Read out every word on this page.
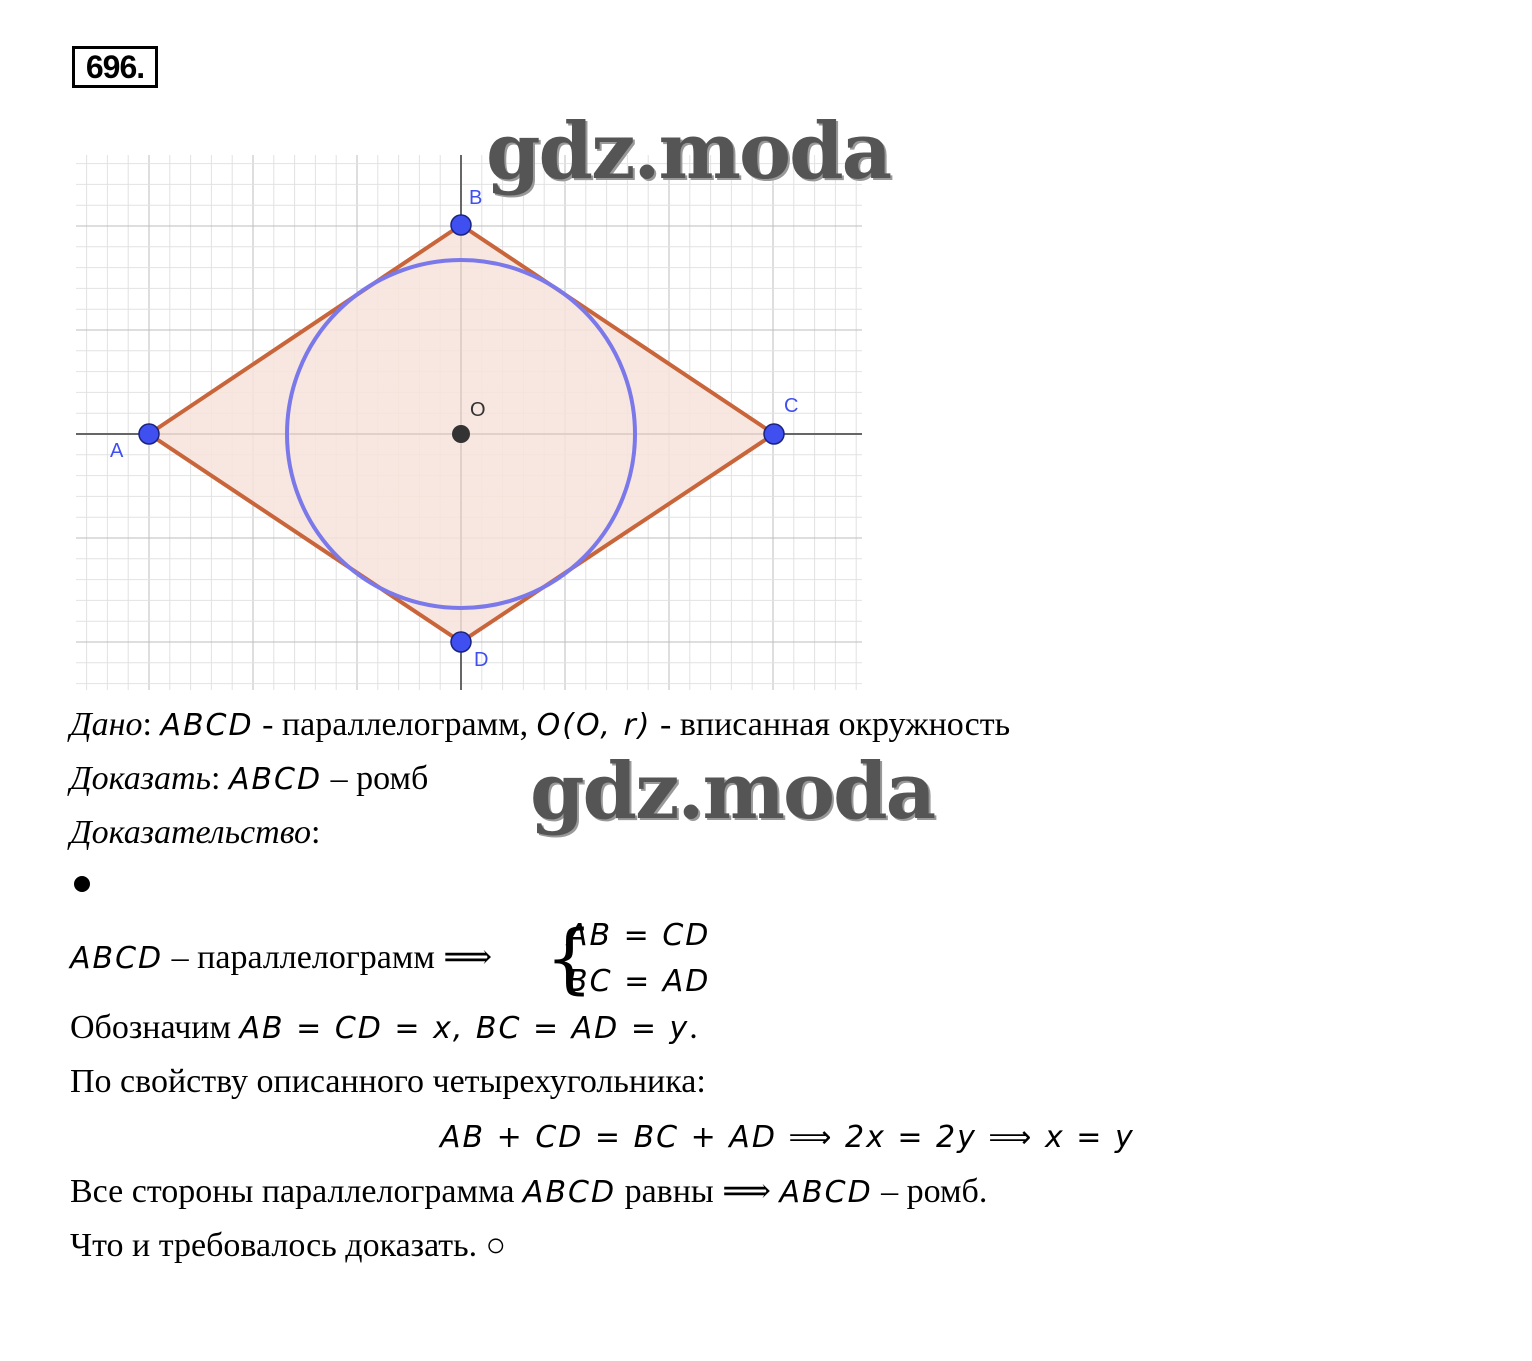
696.
A
B
C
D
O
gdz.moda
gdz.moda
Дано: ABCD - параллелограмм, O(O, r) - вписанная окружность
Доказать: ABCD – ромб
Доказательство:
ABCD – параллелограмм ⟹ {
AB = CD
BC = AD
Обозначим AB = CD = x, BC = AD = y.
По свойству описанного четырехугольника:
AB + CD = BC + AD ⟹ 2x = 2y ⟹ x = y
Все стороны параллелограмма ABCD равны ⟹ ABCD – ромб.
Что и требовалось доказать. ○
